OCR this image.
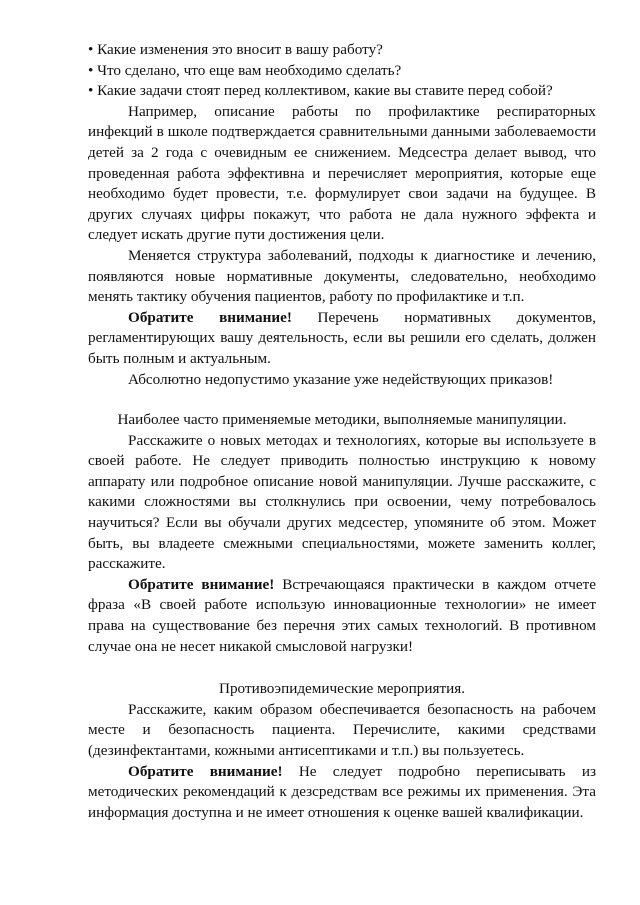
• Какие изменения это вносит в вашу работу?

• Что сделано, что еще вам необходимо сделать?

• Какие задачи стоят перед коллективом, какие вы ставите перед собой?

Например, описание работы по профилактике респираторных инфекций в школе подтверждается сравнительными данными заболеваемости детей за 2 года с очевидным ее снижением. Медсестра делает вывод, что проведенная работа эффективна и перечисляет мероприятия, которые еще необходимо будет провести, т.е. формулирует свои задачи на будущее. В других случаях цифры покажут, что работа не дала нужного эффекта и следует искать другие пути достижения цели.

Меняется структура заболеваний, подходы к диагностике и лечению, появляются новые нормативные документы, следовательно, необходимо менять тактику обучения пациентов, работу по профилактике и т.п.

Обратите внимание! Перечень нормативных документов, регламентирующих вашу деятельность, если вы решили его сделать, должен быть полным и актуальным.

Абсолютно недопустимо указание уже недействующих приказов!

Наиболее часто применяемые методики, выполняемые манипуляции.

Расскажите о новых методах и технологиях, которые вы используете в своей работе. Не следует приводить полностью инструкцию к новому аппарату или подробное описание новой манипуляции. Лучше расскажите, с какими сложностями вы столкнулись при освоении, чему потребовалось научиться? Если вы обучали других медсестер, упомяните об этом. Может быть, вы владеете смежными специальностями, можете заменить коллег, расскажите.

Обратите внимание! Встречающаяся практически в каждом отчете фраза «В своей работе использую инновационные технологии» не имеет права на существование без перечня этих самых технологий. В противном случае она не несет никакой смысловой нагрузки!

Противоэпидемические мероприятия.

Расскажите, каким образом обеспечивается безопасность на рабочем месте и безопасность пациента. Перечислите, какими средствами (дезинфектантами, кожными антисептиками и т.п.) вы пользуетесь.

Обратите внимание! Не следует подробно переписывать из методических рекомендаций к дезсредствам все режимы их применения. Эта информация доступна и не имеет отношения к оценке вашей квалификации.
